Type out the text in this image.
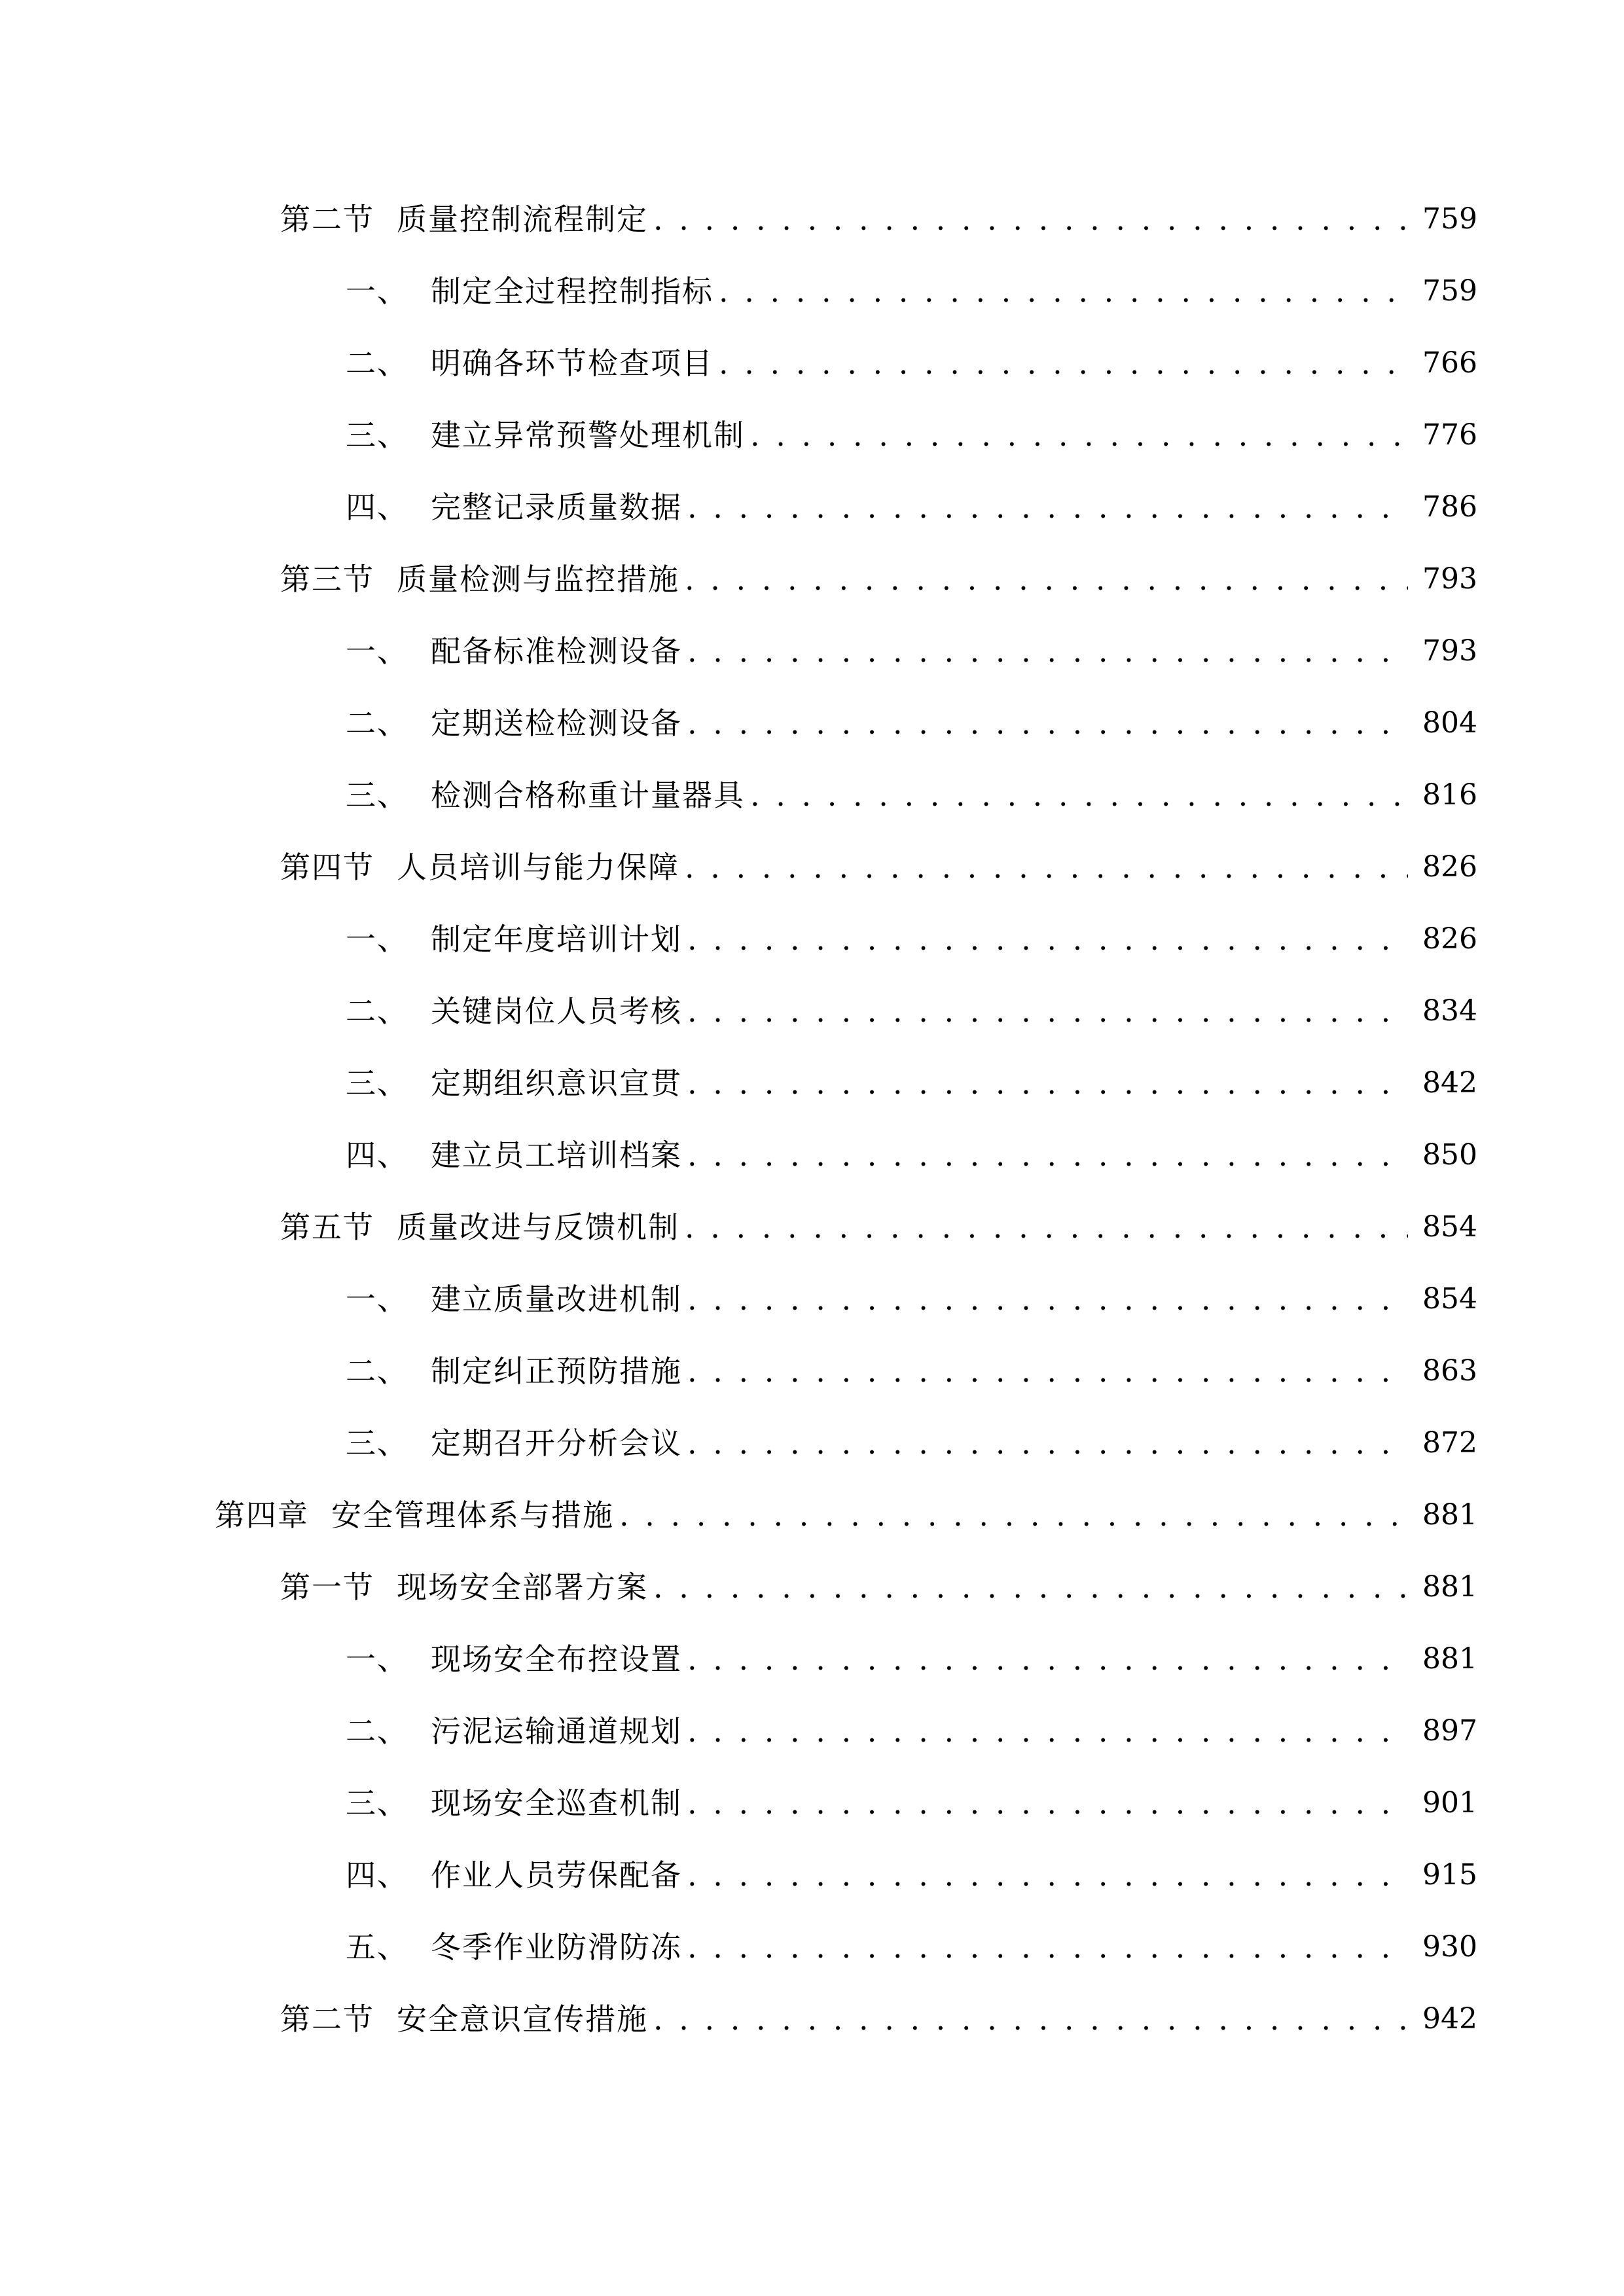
第二节 质量控制流程制定 . . .	759
一、 制定全过程控制指标 . . .	759
二、 明确各环节检查项目 . . .	766
三、 建立异常预警处理机制 . . .	776
四、 完整记录质量数据 . . .	786
第三节 质量检测与监控措施 . . .	793
一、 配备标准检测设备 . . .	793
二、 定期送检检测设备 . . .	804
三、 检测合格称重计量器具 . . .	816
第四节 人员培训与能力保障 . . .	826
一、 制定年度培训计划 . . .	826
二、 关键岗位人员考核 . . .	834
三、 定期组织意识宣贯 . . .	842
四、 建立员工培训档案 . . .	850
第五节 质量改进与反馈机制 . . .	854
一、 建立质量改进机制 . . .	854
二、 制定纠正预防措施 . . .	863
三、 定期召开分析会议 . . .	872
第四章 安全管理体系与措施 . . .	881
第一节 现场安全部署方案 . . .	881
一、 现场安全布控设置 . . .	881
二、 污泥运输通道规划 . . .	897
三、 现场安全巡查机制 . . .	901
四、 作业人员劳保配备 . . .	915
五、 冬季作业防滑防冻 . . .	930
第二节 安全意识宣传措施 . . .	942
